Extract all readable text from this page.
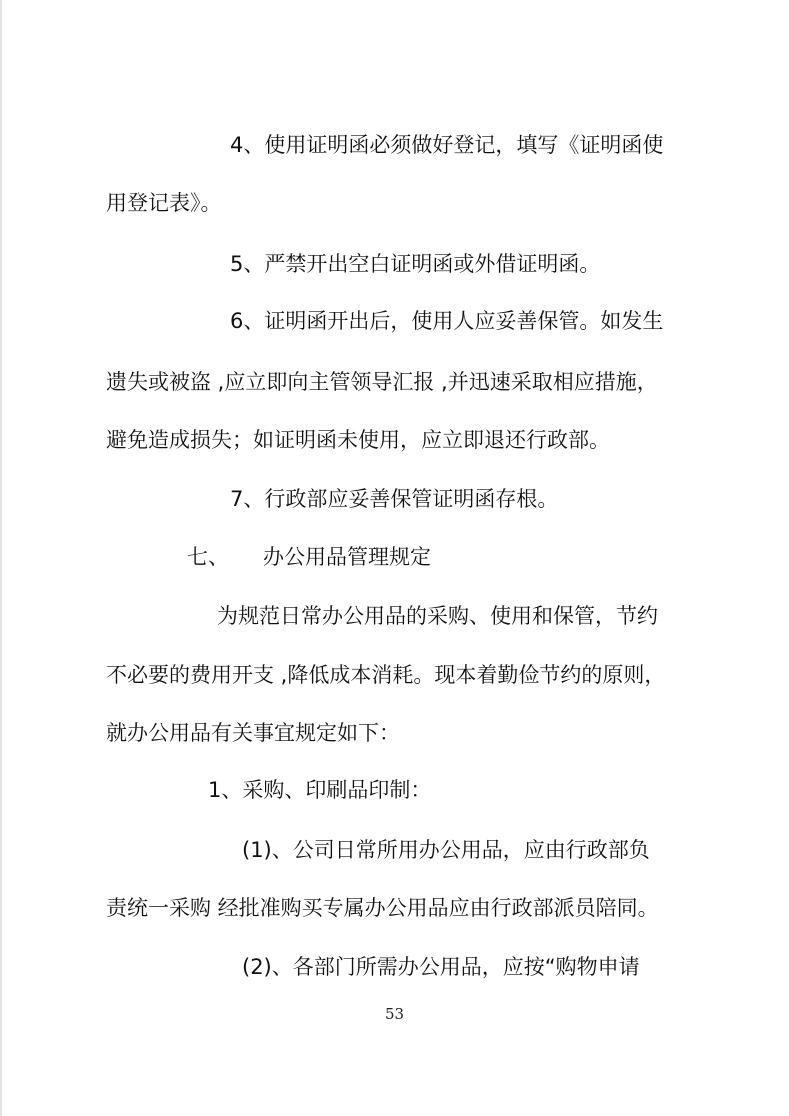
4、使用证明函必须做好登记，填写《证明函使
用登记表》。
5、严禁开出空白证明函或外借证明函。
6、证明函开出后，使用人应妥善保管。如发生
遗失或被盗 ,应立即向主管领导汇报 ,并迅速采取相应措施，
避免造成损失；如证明函未使用，应立即退还行政部。
7、行政部应妥善保管证明函存根。
七、 办公用品管理规定
为规范日常办公用品的采购、使用和保管，节约
不必要的费用开支 ,降低成本消耗。现本着勤俭节约的原则，
就办公用品有关事宜规定如下：
1、采购、印刷品印制：
(1)、公司日常所用办公用品，应由行政部负
责统一采购 经批准购买专属办公用品应由行政部派员陪同。
(2)、各部门所需办公用品，应按“购物申请
53
